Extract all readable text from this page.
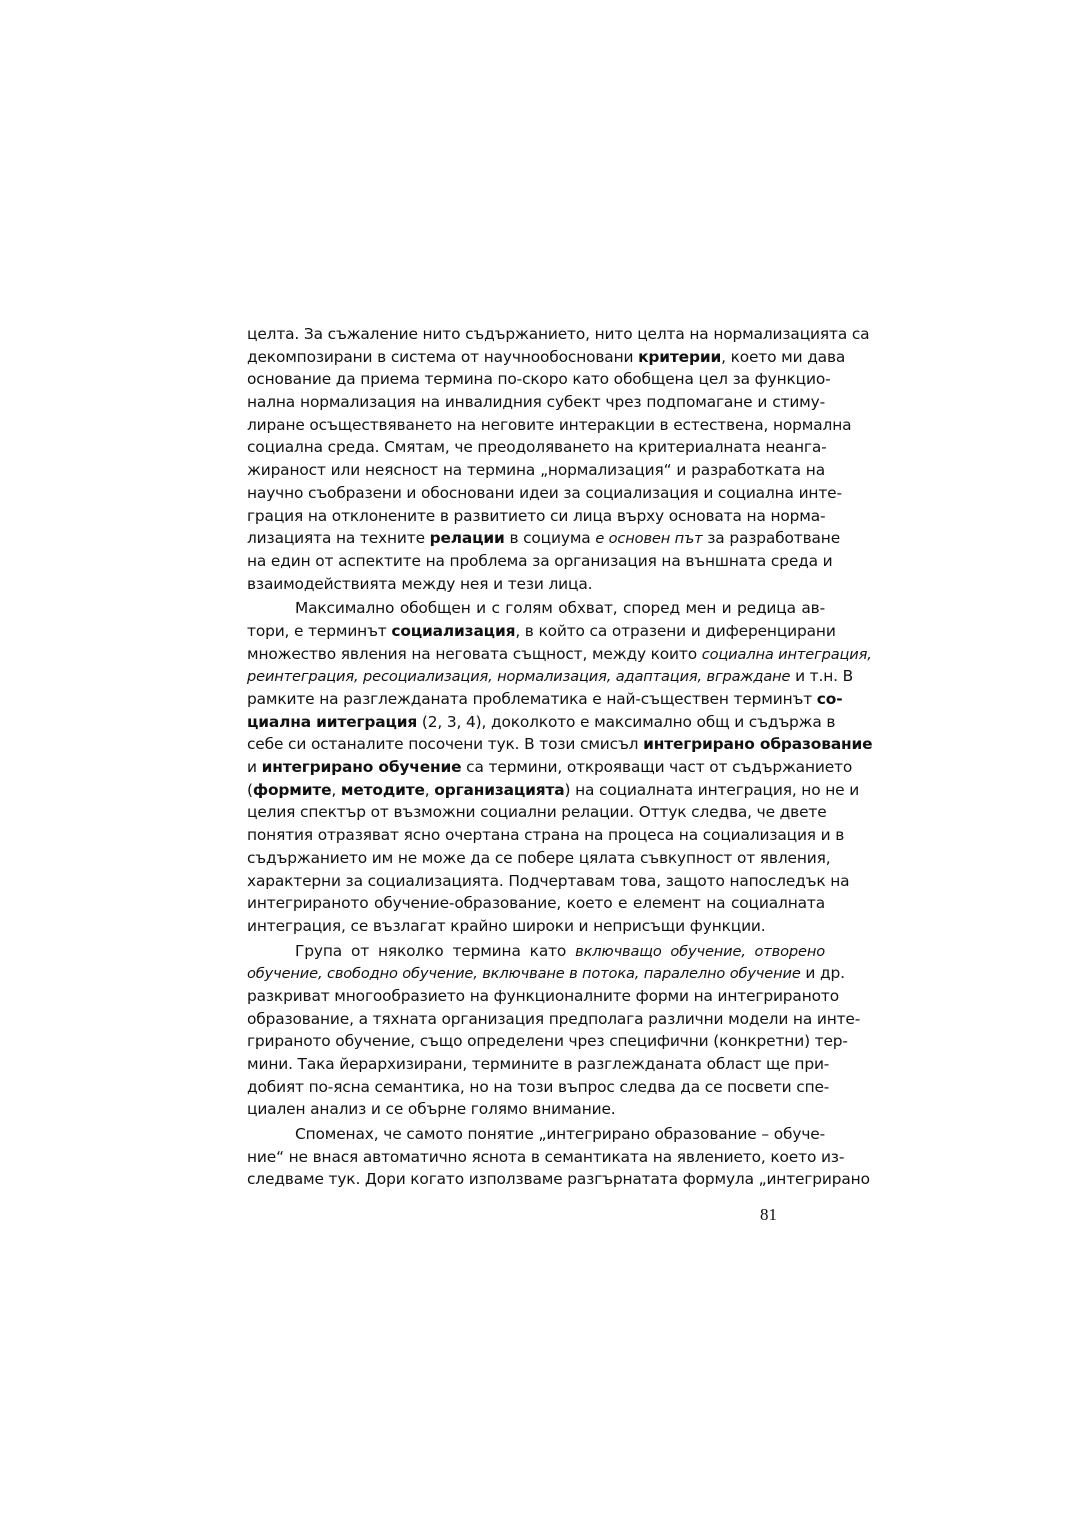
целта. За съжаление нито съдържанието, нито целта на нормализацията са
декомпозирани в система от научнообосновани критерии, което ми дава
основание да приема термина по-скоро като обобщена цел за функцио-
нална нормализация на инвалидния субект чрез подпомагане и стиму-
лиране осъществяването на неговите интеракции в естествена, нормална
социална среда. Смятам, че преодоляването на критериалната неанга-
жираност или неясност на термина „нормализация“ и разработката на
научно съобразени и обосновани идеи за социализация и социална инте-
грация на отклонените в развитието си лица върху основата на норма-
лизацията на техните релации в социума е основен път за разработване
на един от аспектите на проблема за организация на външната среда и
взаимодействията между нея и тези лица.
Максимално обобщен и с голям обхват, според мен и редица ав-
тори, е терминът социализация, в който са отразени и диференцирани
множество явления на неговата същност, между които социална интеграция,
реинтеграция, ресоциализация, нормализация, адаптация, вграждане и т.н. В
рамките на разглежданата проблематика е най-съществен терминът со-
циална иитеграция (2, 3, 4), доколкото е максимално общ и съдържа в
себе си останалите посочени тук. В този смисъл интегрирано образование
и интегрирано обучение са термини, открояващи част от съдържанието
(формите, методите, организацията) на социалната интеграция, но не и
целия спектър от възможни социални релации. Оттук следва, че двете
понятия отразяват ясно очертана страна на процеса на социализация и в
съдържанието им не може да се побере цялата съвкупност от явления,
характерни за социализацията. Подчертавам това, защото напоследък на
интегрираното обучение-образование, което е елемент на социалната
интеграция, се възлагат крайно широки и неприсъщи функции.
Група от няколко термина като включващо обучение, отворено
обучение, свободно обучение, включване в потока, паралелно обучение и др.
разкриват многообразието на функционалните форми на интегрираното
образование, а тяхната организация предполага различни модели на инте-
грираното обучение, също определени чрез специфични (конкретни) тер-
мини. Така йерархизирани, термините в разглежданата област ще при-
добият по-ясна семантика, но на този въпрос следва да се посвети спе-
циален анализ и се обърне голямо внимание.
Споменах, че самото понятие „интегрирано образование – обуче-
ние“ не внася автоматично яснота в семантиката на явлението, което из-
следваме тук. Дори когато използваме разгърнатата формула „интегрирано
81
